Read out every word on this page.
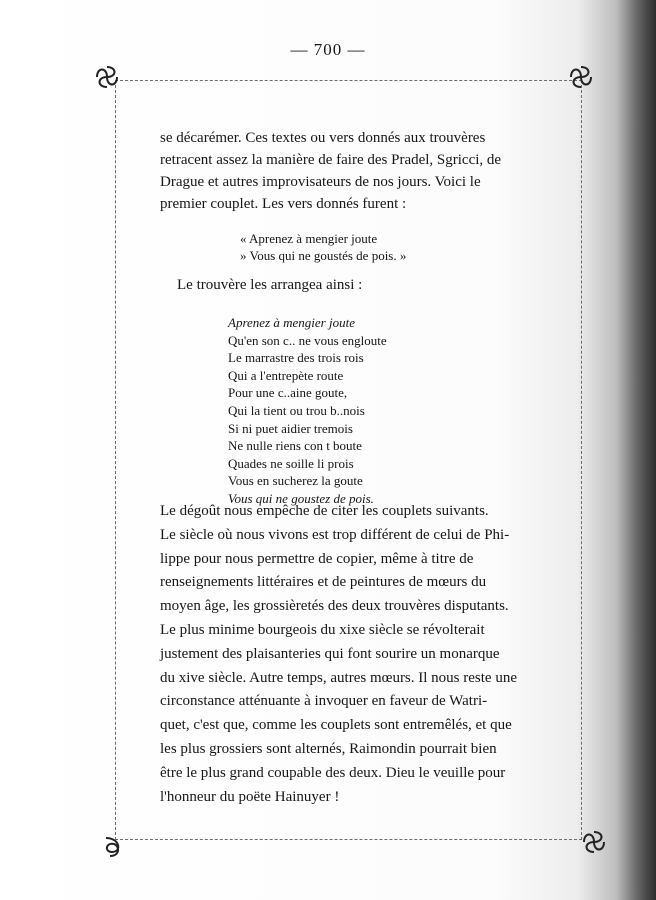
— 700 —

se décarémer. Ces textes ou vers donnés aux trouvères
retracent assez la manière de faire des Pradel, Sgricci, de
Drague et autres improvisateurs de nos jours. Voici le
premier couplet. Les vers donnés furent :

« Aprenez à mengier joute
» Vous qui ne goustés de pois. »
Le trouvère les arrangea ainsi :
Aprenez à mengier joute
Qu'en son c.. ne vous engloute
Le marrastre des trois rois
Qui a l'entrepète route
Pour une c..aine goute,
Qui la tient ou trou b..nois
Si ni puet aidier tremois
Ne nulle riens con t boute
Quades ne soille li prois
Vous en sucherez la goute
Vous qui ne goustez de pois.

Le dégoût nous empêche de citer les couplets suivants.
Le siècle où nous vivons est trop différent de celui de Phi-
lippe pour nous permettre de copier, même à titre de
renseignements littéraires et de peintures de mœurs du
moyen âge, les grossièretés des deux trouvères disputants.
Le plus minime bourgeois du xixe siècle se révolterait
justement des plaisanteries qui font sourire un monarque
du xive siècle. Autre temps, autres mœurs. Il nous reste une
circonstance atténuante à invoquer en faveur de Watri-
quet, c'est que, comme les couplets sont entremêlés, et que
les plus grossiers sont alternés, Raimondin pourrait bien
être le plus grand coupable des deux. Dieu le veuille pour
l'honneur du poëte Hainuyer !
